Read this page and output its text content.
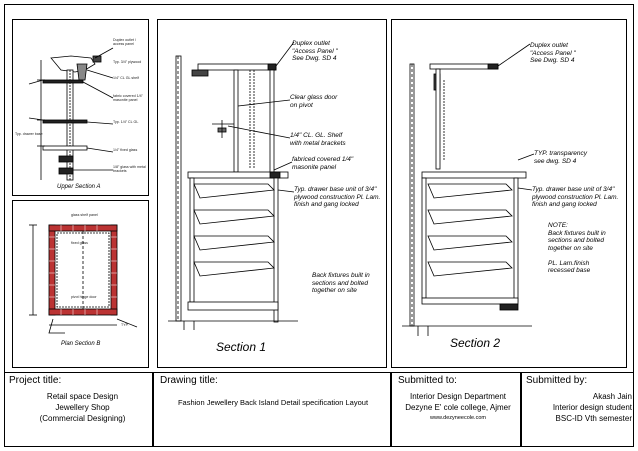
Duplex outlet / access panel
Typ. 3/4" plywood
1/4" CL GL shelf
fabric covered 1/4" masonite panel
Typ. 1/4" CL GL
1/4" fixed glass
1/8" glass with metal brackets
Typ. drawer base
Upper Section A
glass shelf panel
fixed glass
pivot hinge door
TYP.
Plan Section B
Duplex outlet
"Access Panel "
See Dwg. SD 4
Clear glass door
on pivot
1/4" CL. GL. Shelf
with metal brackets
fabriced covered 1/4"
masonite panel
Typ. drawer base unit of 3/4"
plywood construction Pl. Lam.
finish and gang locked
Back fixtures built in
sections and bolted
together on site
Section 1
Duplex outlet
"Access Panel "
See Dwg. SD 4
TYP. transparency
see dwg. SD 4
Typ. drawer base unit of 3/4"
plywood construction Pl. Lam.
finish and gang locked
NOTE:
Back fixtures built in
sections and bolted
together on site

PL. Lam.finish
recessed base
Section 2
Project title:
Retail space Design
Jewellery Shop
(Commercial Designing)
Drawing title:
Fashion Jewellery Back Island Detail specification Layout
Submitted to:
Interior Design Department
Dezyne E' cole college, Ajmer
www.dezyneecole.com
Submitted by:
Akash Jain
Interior design student
BSC-ID Vth semester
